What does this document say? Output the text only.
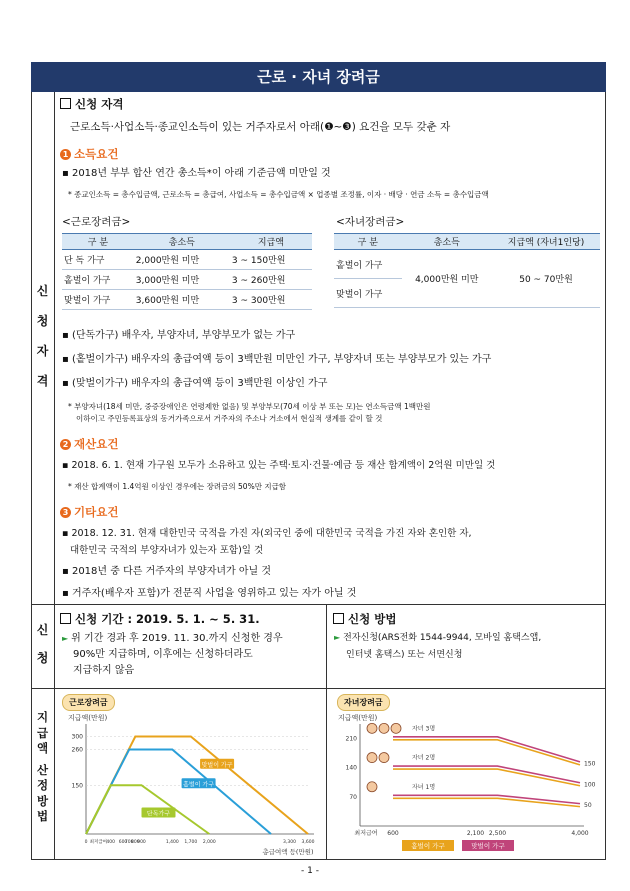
근로 · 자녀 장려금
신
청
자
격
신
청
지
급
액
산
정
방
법
신청 자격
근로소득·사업소득·종교인소득이 있는 거주자로서 아래(❶~❸) 요건을 모두 갖춘 자
1 소득요건
▪ 2018년 부부 합산 연간 총소득*이 아래 기준금액 미만일 것
* 종교인소득 = 총수입금액, 근로소득 = 총급여, 사업소득 = 총수입금액 × 업종별 조정률, 이자 · 배당 · 연금 소득 = 총수입금액
<근로장려금>
구 분	총소득	지급액
단 독 가구	2,000만원 미만	3 ~ 150만원
홑벌이 가구	3,000만원 미만	3 ~ 260만원
맞벌이 가구	3,600만원 미만	3 ~ 300만원
<자녀장려금>
구 분	총소득	지급액 (자녀1인당)
홑벌이 가구	4,000만원 미만	50 ~ 70만원
맞벌이 가구		
▪ (단독가구) 배우자, 부양자녀, 부양부모가 없는 가구
▪ (홑벌이가구) 배우자의 총급여액 등이 3백만원 미만인 가구, 부양자녀 또는 부양부모가 있는 가구
▪ (맞벌이가구) 배우자의 총급여액 등이 3백만원 이상인 가구
* 부양자녀(18세 미만, 중증장애인은 연령제한 없음) 및 부양부모(70세 이상 부 또는 모)는 연소득금액 1백만원
이하이고 주민등록표상의 동거가족으로서 거주자의 주소나 거소에서 현실적 생계를 같이 할 것
2 재산요건
▪ 2018. 6. 1. 현재 가구원 모두가 소유하고 있는 주택·토지·건물·예금 등 재산 합계액이 2억원 미만일 것
* 재산 합계액이 1.4억원 이상인 경우에는 장려금의 50%만 지급함
3 기타요건
▪ 2018. 12. 31. 현재 대한민국 국적을 가진 자(외국인 중에 대한민국 국적을 가진 자와 혼인한 자,
대한민국 국적의 부양자녀가 있는자 포함)일 것
▪ 2018년 중 다른 거주자의 부양자녀가 아닐 것
▪ 거주자(배우자 포함)가 전문직 사업을 영위하고 있는 자가 아닐 것
신청 기간 : 2019. 5. 1. ~ 5. 31.
► 위 기간 경과 후 2019. 11. 30.까지 신청한 경우
90%만 지급하며, 이후에는 신청하더라도
지급하지 않음
신청 방법
► 전자신청(ARS전화 1544-9944, 모바일 홈택스앱,
인터넷 홈택스) 또는 서면신청
근로장려금
지급액(만원)
150
260
300
0 최저급여 400 600
700
800
900	1,400 1,700 2,000	3,300 3,600
총급여액 등(만원)
맞벌이 가구
홑벌이 가구
단독가구
자녀장려금
지급액(만원)
70
140
210
50
100
150
최저급여 600	2,100 2,500	4,000
자녀 3명
자녀 2명
자녀 1명
홑벌이 가구	맞벌이 가구
- 1 -
